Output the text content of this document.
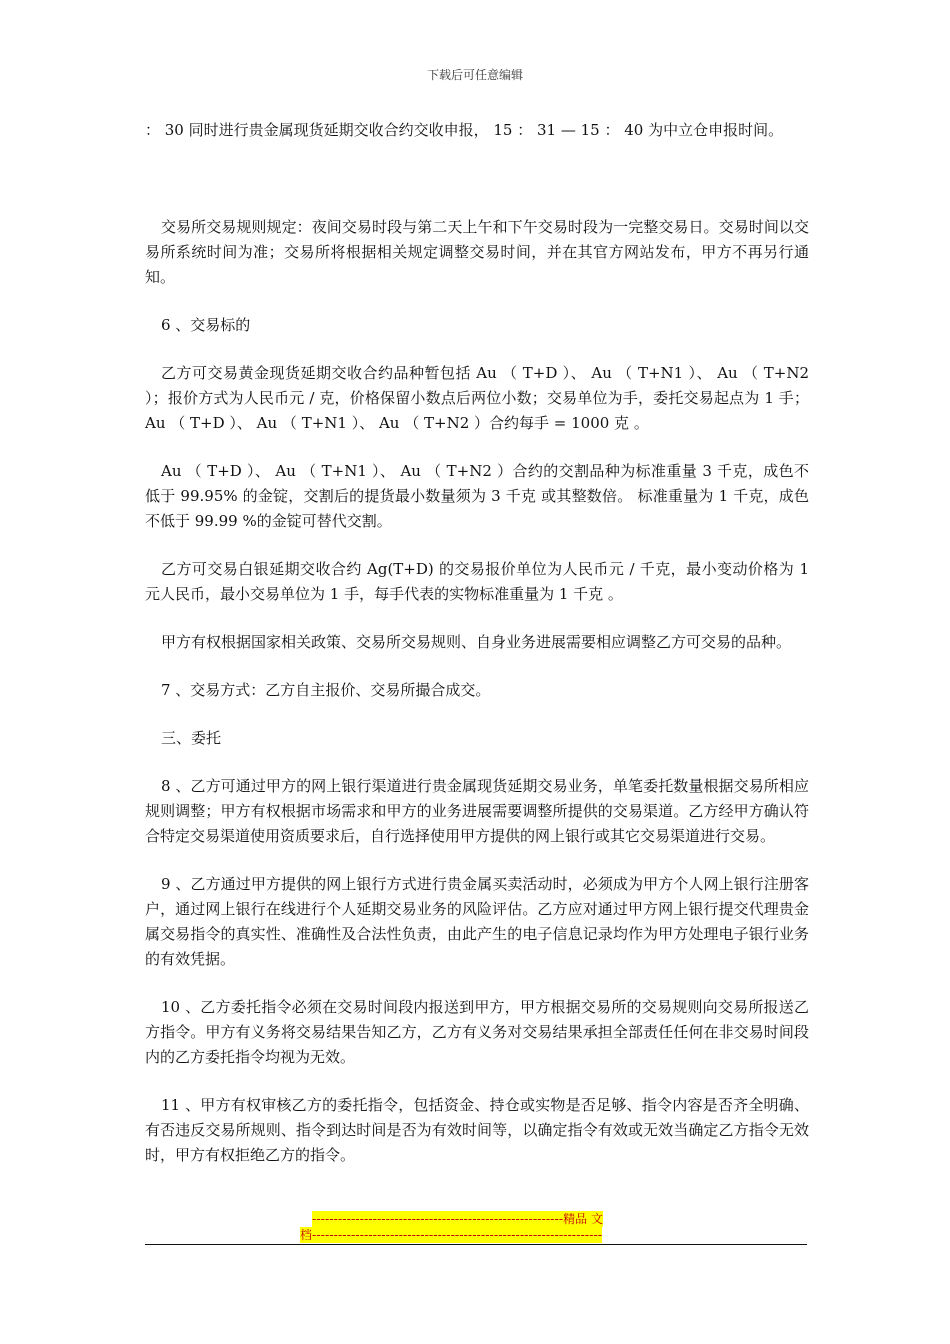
下载后可任意编辑

： 30 同时进行贵金属现货延期交收合约交收申报， 15 ： 31 — 15 ： 40 为中立仓申报时间。

交易所交易规则规定：夜间交易时段与第二天上午和下午交易时段为一完整交易日。交易时间以交易所系统时间为准；交易所将根据相关规定调整交易时间，并在其官方网站发布，甲方不再另行通知。

6 、交易标的

乙方可交易黄金现货延期交收合约品种暂包括 Au （ T+D ）、 Au （ T+N1 ）、 Au （ T+N2 ）；报价方式为人民币元 / 克，价格保留小数点后两位小数；交易单位为手，委托交易起点为 1 手； Au （ T+D ）、 Au （ T+N1 ）、 Au （ T+N2 ）合约每手 = 1000 克 。

Au （ T+D ）、 Au （ T+N1 ）、 Au （ T+N2 ）合约的交割品种为标准重量 3 千克，成色不低于 99.95% 的金锭，交割后的提货最小数量须为 3 千克 或其整数倍。 标准重量为 1 千克，成色不低于 99.99 %的金锭可替代交割。

乙方可交易白银延期交收合约 Ag(T+D) 的交易报价单位为人民币元 / 千克，最小变动价格为 1 元人民币，最小交易单位为 1 手，每手代表的实物标准重量为 1 千克 。

甲方有权根据国家相关政策、交易所交易规则、自身业务进展需要相应调整乙方可交易的品种。

7 、交易方式：乙方自主报价、交易所撮合成交。

三、委托

8 、乙方可通过甲方的网上银行渠道进行贵金属现货延期交易业务，单笔委托数量根据交易所相应规则调整；甲方有权根据市场需求和甲方的业务进展需要调整所提供的交易渠道。乙方经甲方确认符合特定交易渠道使用资质要求后，自行选择使用甲方提供的网上银行或其它交易渠道进行交易。

9 、乙方通过甲方提供的网上银行方式进行贵金属买卖活动时，必须成为甲方个人网上银行注册客户，通过网上银行在线进行个人延期交易业务的风险评估。乙方应对通过甲方网上银行提交代理贵金属交易指令的真实性、准确性及合法性负责，由此产生的电子信息记录均作为甲方处理电子银行业务的有效凭据。

10 、乙方委托指令必须在交易时间段内报送到甲方，甲方根据交易所的交易规则向交易所报送乙方指令。甲方有义务将交易结果告知乙方，乙方有义务对交易结果承担全部责任任何在非交易时间段内的乙方委托指令均视为无效。

11 、甲方有权审核乙方的委托指令，包括资金、持仓或实物是否足够、指令内容是否齐全明确、有否违反交易所规则、指令到达时间是否为有效时间等，以确定指令有效或无效当确定乙方指令无效时，甲方有权拒绝乙方的指令。

----------------------------------------------------------精品 文
档-------------------------------------------------------------------
